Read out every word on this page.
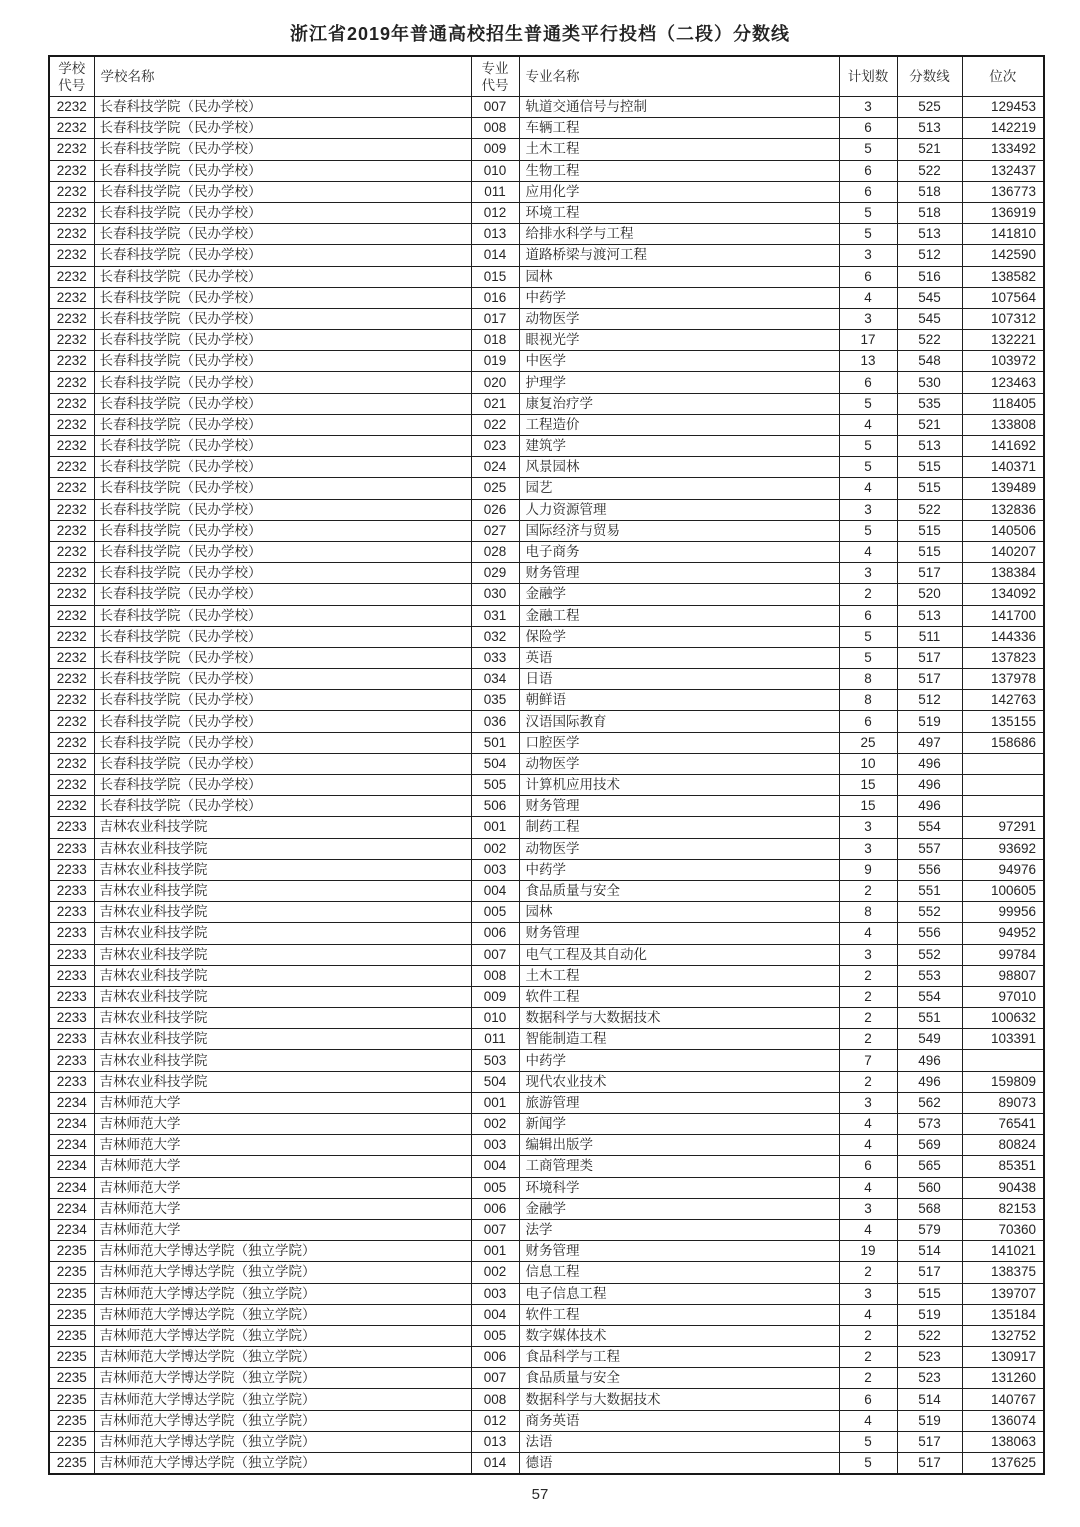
浙江省2019年普通高校招生普通类平行投档（二段）分数线
学校代号	学校名称	专业代号	专业名称	计划数	分数线	位次
2232	长春科技学院（民办学校）	007	轨道交通信号与控制	3	525	129453
2232	长春科技学院（民办学校）	008	车辆工程	6	513	142219
2232	长春科技学院（民办学校）	009	土木工程	5	521	133492
2232	长春科技学院（民办学校）	010	生物工程	6	522	132437
2232	长春科技学院（民办学校）	011	应用化学	6	518	136773
2232	长春科技学院（民办学校）	012	环境工程	5	518	136919
2232	长春科技学院（民办学校）	013	给排水科学与工程	5	513	141810
2232	长春科技学院（民办学校）	014	道路桥梁与渡河工程	3	512	142590
2232	长春科技学院（民办学校）	015	园林	6	516	138582
2232	长春科技学院（民办学校）	016	中药学	4	545	107564
2232	长春科技学院（民办学校）	017	动物医学	3	545	107312
2232	长春科技学院（民办学校）	018	眼视光学	17	522	132221
2232	长春科技学院（民办学校）	019	中医学	13	548	103972
2232	长春科技学院（民办学校）	020	护理学	6	530	123463
2232	长春科技学院（民办学校）	021	康复治疗学	5	535	118405
2232	长春科技学院（民办学校）	022	工程造价	4	521	133808
2232	长春科技学院（民办学校）	023	建筑学	5	513	141692
2232	长春科技学院（民办学校）	024	风景园林	5	515	140371
2232	长春科技学院（民办学校）	025	园艺	4	515	139489
2232	长春科技学院（民办学校）	026	人力资源管理	3	522	132836
2232	长春科技学院（民办学校）	027	国际经济与贸易	5	515	140506
2232	长春科技学院（民办学校）	028	电子商务	4	515	140207
2232	长春科技学院（民办学校）	029	财务管理	3	517	138384
2232	长春科技学院（民办学校）	030	金融学	2	520	134092
2232	长春科技学院（民办学校）	031	金融工程	6	513	141700
2232	长春科技学院（民办学校）	032	保险学	5	511	144336
2232	长春科技学院（民办学校）	033	英语	5	517	137823
2232	长春科技学院（民办学校）	034	日语	8	517	137978
2232	长春科技学院（民办学校）	035	朝鲜语	8	512	142763
2232	长春科技学院（民办学校）	036	汉语国际教育	6	519	135155
2232	长春科技学院（民办学校）	501	口腔医学	25	497	158686
2232	长春科技学院（民办学校）	504	动物医学	10	496	
2232	长春科技学院（民办学校）	505	计算机应用技术	15	496	
2232	长春科技学院（民办学校）	506	财务管理	15	496	
2233	吉林农业科技学院	001	制药工程	3	554	97291
2233	吉林农业科技学院	002	动物医学	3	557	93692
2233	吉林农业科技学院	003	中药学	9	556	94976
2233	吉林农业科技学院	004	食品质量与安全	2	551	100605
2233	吉林农业科技学院	005	园林	8	552	99956
2233	吉林农业科技学院	006	财务管理	4	556	94952
2233	吉林农业科技学院	007	电气工程及其自动化	3	552	99784
2233	吉林农业科技学院	008	土木工程	2	553	98807
2233	吉林农业科技学院	009	软件工程	2	554	97010
2233	吉林农业科技学院	010	数据科学与大数据技术	2	551	100632
2233	吉林农业科技学院	011	智能制造工程	2	549	103391
2233	吉林农业科技学院	503	中药学	7	496	
2233	吉林农业科技学院	504	现代农业技术	2	496	159809
2234	吉林师范大学	001	旅游管理	3	562	89073
2234	吉林师范大学	002	新闻学	4	573	76541
2234	吉林师范大学	003	编辑出版学	4	569	80824
2234	吉林师范大学	004	工商管理类	6	565	85351
2234	吉林师范大学	005	环境科学	4	560	90438
2234	吉林师范大学	006	金融学	3	568	82153
2234	吉林师范大学	007	法学	4	579	70360
2235	吉林师范大学博达学院（独立学院）	001	财务管理	19	514	141021
2235	吉林师范大学博达学院（独立学院）	002	信息工程	2	517	138375
2235	吉林师范大学博达学院（独立学院）	003	电子信息工程	3	515	139707
2235	吉林师范大学博达学院（独立学院）	004	软件工程	4	519	135184
2235	吉林师范大学博达学院（独立学院）	005	数字媒体技术	2	522	132752
2235	吉林师范大学博达学院（独立学院）	006	食品科学与工程	2	523	130917
2235	吉林师范大学博达学院（独立学院）	007	食品质量与安全	2	523	131260
2235	吉林师范大学博达学院（独立学院）	008	数据科学与大数据技术	6	514	140767
2235	吉林师范大学博达学院（独立学院）	012	商务英语	4	519	136074
2235	吉林师范大学博达学院（独立学院）	013	法语	5	517	138063
2235	吉林师范大学博达学院（独立学院）	014	德语	5	517	137625
57
